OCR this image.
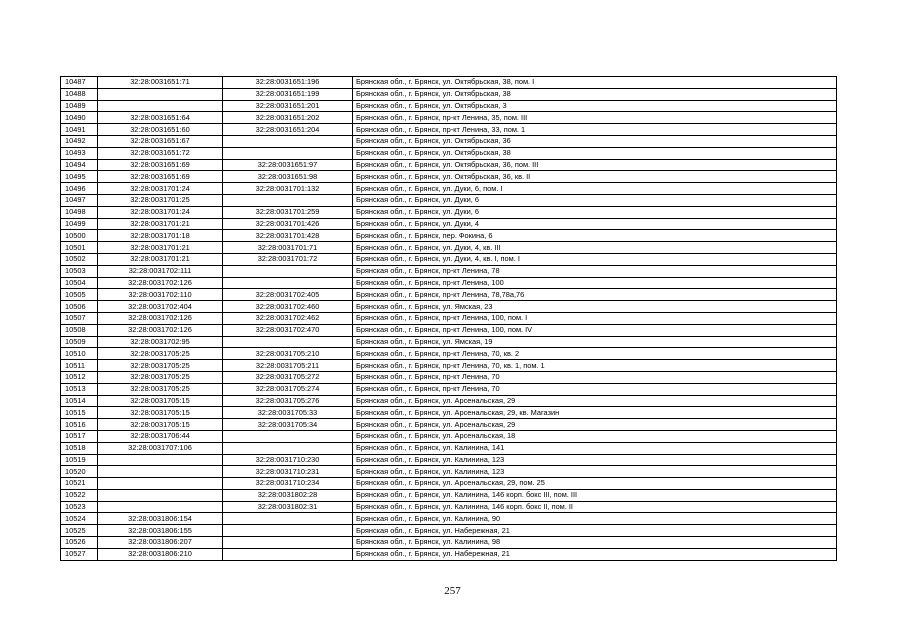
10487	32:28:0031651:71	32:28:0031651:196	Брянская обл., г. Брянск, ул. Октябрьская, 38, пом. I
10488		32:28:0031651:199	Брянская обл., г. Брянск, ул. Октябрьская, 38
10489		32:28:0031651:201	Брянская обл., г. Брянск, ул. Октябрьская, 3
10490	32:28:0031651:64	32:28:0031651:202	Брянская обл., г. Брянск, пр-кт Ленина, 35, пом. III
10491	32:28:0031651:60	32:28:0031651:204	Брянская обл., г. Брянск, пр-кт Ленина, 33, пом. 1
10492	32:28:0031651:67		Брянская обл., г. Брянск, ул. Октябрьская, 36
10493	32:28:0031651:72		Брянская обл., г. Брянск, ул. Октябрьская, 38
10494	32:28:0031651:69	32:28:0031651:97	Брянская обл., г. Брянск, ул. Октябрьская, 36, пом. III
10495	32:28:0031651:69	32:28:0031651:98	Брянская обл., г. Брянск, ул. Октябрьская, 36, кв. II
10496	32:28:0031701:24	32:28:0031701:132	Брянская обл., г. Брянск, ул. Дуки, 6, пом. I
10497	32:28:0031701:25		Брянская обл., г. Брянск, ул. Дуки, 6
10498	32:28:0031701:24	32:28:0031701:259	Брянская обл., г. Брянск, ул. Дуки, 6
10499	32:28:0031701:21	32:28:0031701:426	Брянская обл., г. Брянск, ул. Дуки, 4
10500	32:28:0031701:18	32:28:0031701:428	Брянская обл., г. Брянск, пер. Фокина, 6
10501	32:28:0031701:21	32:28:0031701:71	Брянская обл., г. Брянск, ул. Дуки, 4, кв. III
10502	32:28:0031701:21	32:28:0031701:72	Брянская обл., г. Брянск, ул. Дуки, 4, кв. I, пом. I
10503	32:28:0031702:111		Брянская обл., г. Брянск, пр-кт Ленина, 78
10504	32:28:0031702:126		Брянская обл., г. Брянск, пр-кт Ленина, 100
10505	32:28:0031702:110	32:28:0031702:405	Брянская обл., г. Брянск, пр-кт Ленина, 78,78а,76
10506	32:28:0031702:404	32:28:0031702:460	Брянская обл., г. Брянск, ул. Ямская, 23
10507	32:28:0031702:126	32:28:0031702:462	Брянская обл., г. Брянск, пр-кт Ленина, 100, пом. I
10508	32:28:0031702:126	32:28:0031702:470	Брянская обл., г. Брянск, пр-кт Ленина, 100, пом. IV
10509	32:28:0031702:95		Брянская обл., г. Брянск, ул. Ямская, 19
10510	32:28:0031705:25	32:28:0031705:210	Брянская обл., г. Брянск, пр-кт Ленина, 70, кв. 2
10511	32:28:0031705:25	32:28:0031705:211	Брянская обл., г. Брянск, пр-кт Ленина, 70, кв. 1, пом. 1
10512	32:28:0031705:25	32:28:0031705:272	Брянская обл., г. Брянск, пр-кт Ленина, 70
10513	32:28:0031705:25	32:28:0031705:274	Брянская обл., г. Брянск, пр-кт Ленина, 70
10514	32:28:0031705:15	32:28:0031705:276	Брянская обл., г. Брянск, ул. Арсенальская, 29
10515	32:28:0031705:15	32:28:0031705:33	Брянская обл., г. Брянск, ул. Арсенальская, 29, кв. Магазин
10516	32:28:0031705:15	32:28:0031705:34	Брянская обл., г. Брянск, ул. Арсенальская, 29
10517	32:28:0031706:44		Брянская обл., г. Брянск, ул. Арсенальская, 18
10518	32:28:0031707:106		Брянская обл., г. Брянск, ул. Калинина, 141
10519		32:28:0031710:230	Брянская обл., г. Брянск, ул. Калинина, 123
10520		32:28:0031710:231	Брянская обл., г. Брянск, ул. Калинина, 123
10521		32:28:0031710:234	Брянская обл., г. Брянск, ул. Арсенальская, 29, пом. 25
10522		32:28:0031802:28	Брянская обл., г. Брянск, ул. Калинина, 146 корп. бокс III, пом. III
10523		32:28:0031802:31	Брянская обл., г. Брянск, ул. Калинина, 146 корп. бокс II, пом. II
10524	32:28:0031806:154		Брянская обл., г. Брянск, ул. Калинина, 90
10525	32:28:0031806:155		Брянская обл., г. Брянск, ул. Набережная, 21
10526	32:28:0031806:207		Брянская обл., г. Брянск, ул. Калинина, 98
10527	32:28:0031806:210		Брянская обл., г. Брянск, ул. Набережная, 21
257
